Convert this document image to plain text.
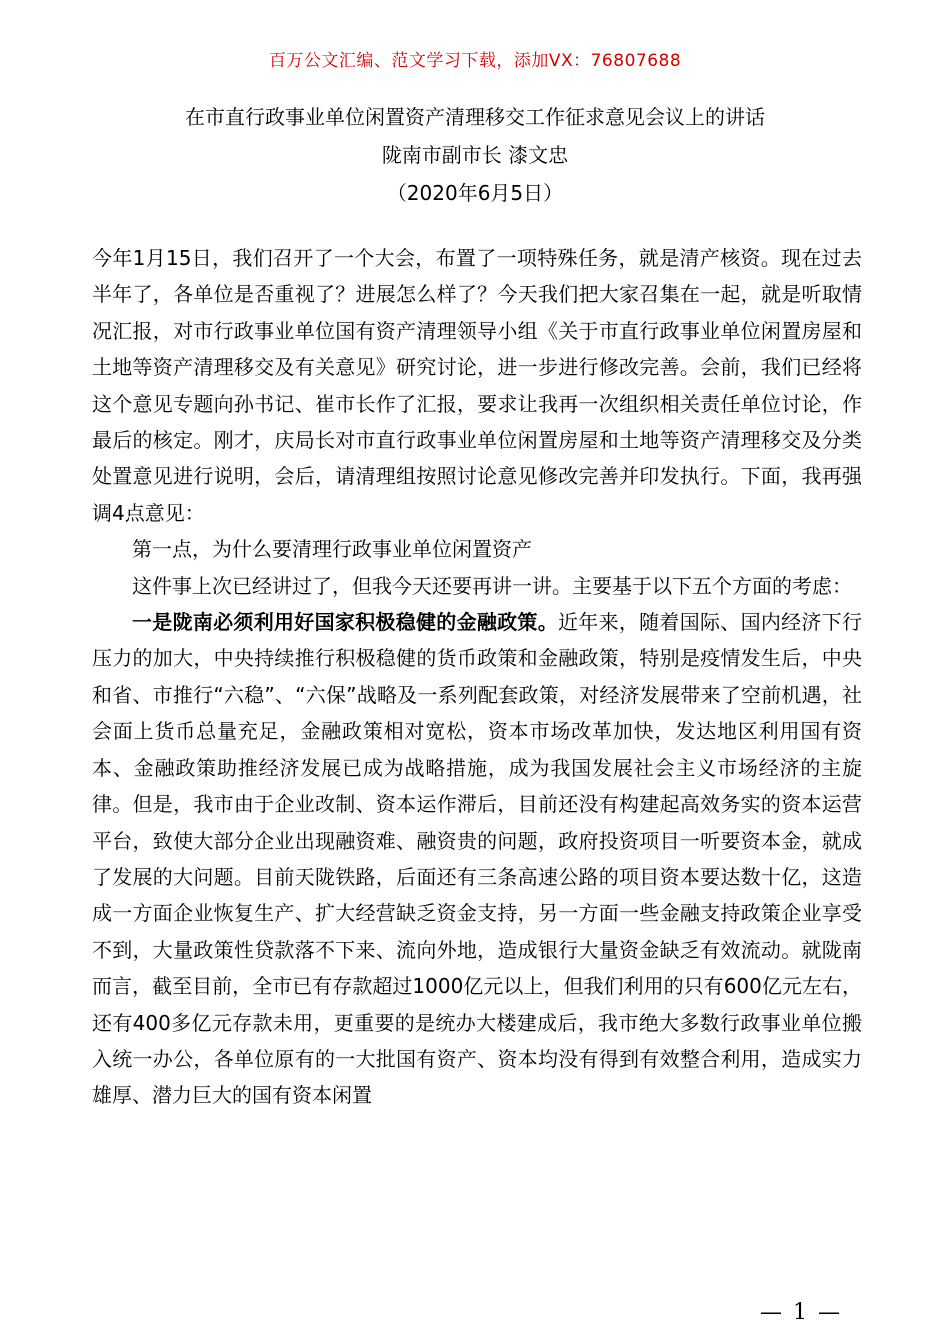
百万公文汇编、范文学习下载，添加VX：76807688
在市直行政事业单位闲置资产清理移交工作征求意见会议上的讲话
陇南市副市长 漆文忠
（2020年6月5日）

今年1月15日，我们召开了一个大会，布置了一项特殊任务，就是清产核资。现在过去半年了，各单位是否重视了？进展怎么样了？今天我们把大家召集在一起，就是听取情况汇报，对市行政事业单位国有资产清理领导小组《关于市直行政事业单位闲置房屋和土地等资产清理移交及有关意见》研究讨论，进一步进行修改完善。会前，我们已经将这个意见专题向孙书记、崔市长作了汇报，要求让我再一次组织相关责任单位讨论，作最后的核定。刚才，庆局长对市直行政事业单位闲置房屋和土地等资产清理移交及分类处置意见进行说明，会后，请清理组按照讨论意见修改完善并印发执行。下面，我再强调4点意见：

第一点，为什么要清理行政事业单位闲置资产

这件事上次已经讲过了，但我今天还要再讲一讲。主要基于以下五个方面的考虑：

一是陇南必须利用好国家积极稳健的金融政策。近年来，随着国际、国内经济下行压力的加大，中央持续推行积极稳健的货币政策和金融政策，特别是疫情发生后，中央和省、市推行“六稳”、“六保”战略及一系列配套政策，对经济发展带来了空前机遇，社会面上货币总量充足，金融政策相对宽松，资本市场改革加快，发达地区利用国有资本、金融政策助推经济发展已成为战略措施，成为我国发展社会主义市场经济的主旋律。但是，我市由于企业改制、资本运作滞后，目前还没有构建起高效务实的资本运营平台，致使大部分企业出现融资难、融资贵的问题，政府投资项目一听要资本金，就成了发展的大问题。目前天陇铁路，后面还有三条高速公路的项目资本要达数十亿，这造成一方面企业恢复生产、扩大经营缺乏资金支持，另一方面一些金融支持政策企业享受不到，大量政策性贷款落不下来、流向外地，造成银行大量资金缺乏有效流动。就陇南而言，截至目前，全市已有存款超过1000亿元以上，但我们利用的只有600亿元左右，还有400多亿元存款未用，更重要的是统办大楼建成后，我市绝大多数行政事业单位搬入统一办公，各单位原有的一大批国有资产、资本均没有得到有效整合利用，造成实力雄厚、潜力巨大的国有资本闲置

— 1 —
